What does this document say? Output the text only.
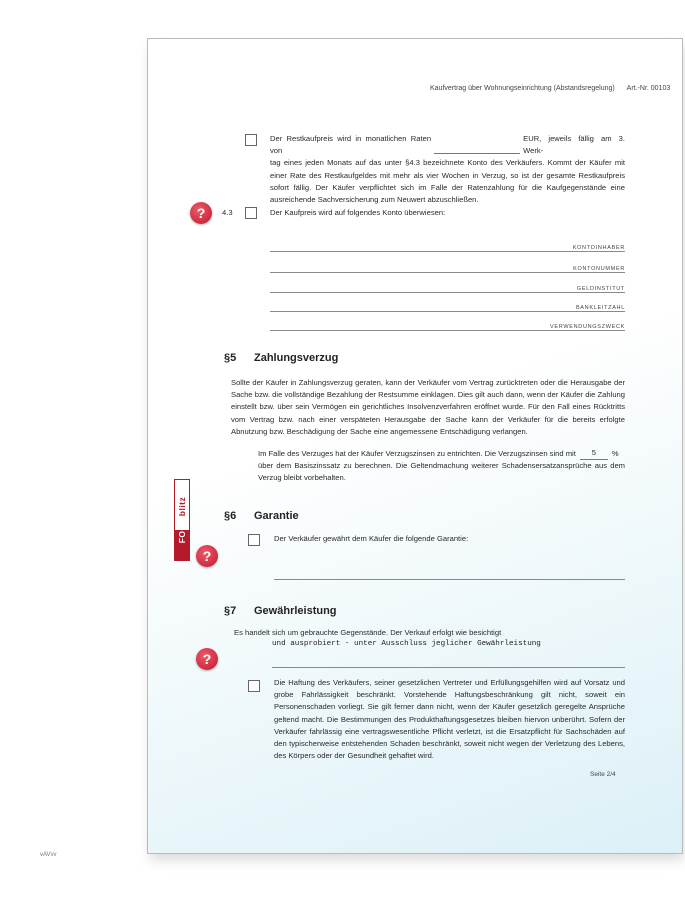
Kaufvertrag über Wohnungseinrichtung (Abstandsregelung) Art.-Nr. 00103
Der Restkaufpreis wird in monatlichen Raten von
EUR, jeweils fällig am 3. Werk-
tag eines jeden Monats auf das unter §4.3 bezeichnete Konto des Verkäufers. Kommt der Käufer mit einer Rate des Restkaufgeldes mit mehr als vier Wochen in Verzug, so ist der gesamte Restkaufpreis sofort fällig. Der Käufer verpflichtet sich im Falle der Ratenzahlung für die Kaufgegenstände eine ausreichende Sachversicherung zum Neuwert abzuschließen.
?	4.3	Der Kaufpreis wird auf folgendes Konto überwiesen:
KONTOINHABER
KONTONUMMER
GELDINSTITUT
BANKLEITZAHL
VERWENDUNGSZWECK
§5 Zahlungsverzug
Sollte der Käufer in Zahlungsverzug geraten, kann der Verkäufer vom Vertrag zurücktreten oder die Herausgabe der Sache bzw. die vollständige Bezahlung der Restsumme einklagen. Dies gilt auch dann, wenn der Käufer die Zahlung einstellt bzw. über sein Vermögen ein gerichtliches Insolvenzverfahren eröffnet wurde. Für den Fall eines Rücktritts vom Vertrag bzw. nach einer verspäteten Herausgabe der Sache kann der Verkäufer für die bereits erfolgte Abnutzung bzw. Beschädigung der Sache eine angemessene Entschädigung verlangen.
Im Falle des Verzuges hat der Käufer Verzugszinsen zu entrichten. Die Verzugszinsen sind mit	5	%
über dem Basiszinssatz zu berechnen. Die Geltendmachung weiterer Schadensersatzansprüche aus dem Verzug bleibt vorbehalten.
FORMblitz	§6 Garantie
?
Der Verkäufer gewährt dem Käufer die folgende Garantie:
§7 Gewährleistung
Es handelt sich um gebrauchte Gegenstände. Der Verkauf erfolgt wie besichtigt
und ausprobiert - unter Ausschluss jeglicher Gewährleistung
?
Die Haftung des Verkäufers, seiner gesetzlichen Vertreter und Erfüllungsgehilfen wird auf Vorsatz und grobe Fahrlässigkeit beschränkt. Vorstehende Haftungsbeschränkung gilt nicht, soweit ein Personenschaden vorliegt. Sie gilt ferner dann nicht, wenn der Käufer gesetzlich geregelte Ansprüche geltend macht. Die Bestimmungen des Produkthaftungsgesetzes bleiben hiervon unberührt. Sofern der Verkäufer fahrlässig eine vertragswesentliche Pflicht verletzt, ist die Ersatzpflicht für Sachschäden auf den typischerweise entstehenden Schaden beschränkt, soweit nicht wegen der Verletzung des Lebens, des Körpers oder der Gesundheit gehaftet wird.
Seite 2/4
vAVvv
